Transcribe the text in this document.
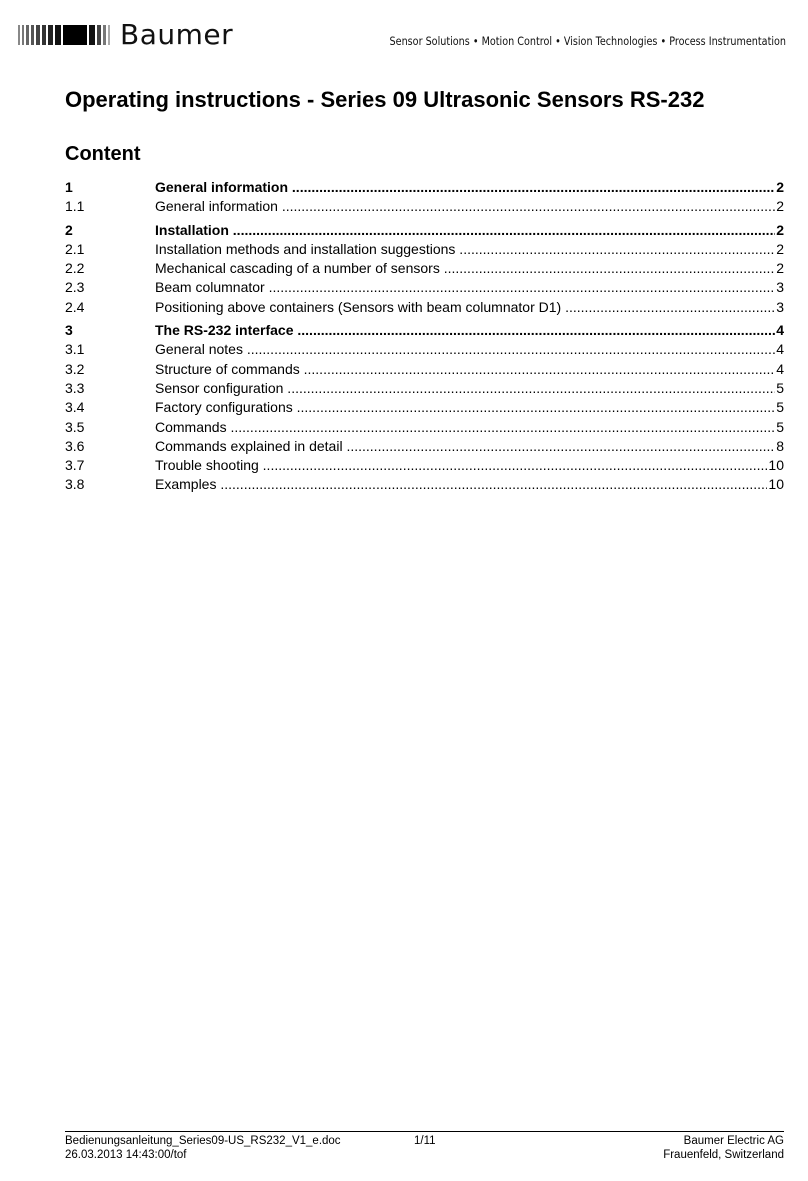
Baumer	Sensor Solutions • Motion Control • Vision Technologies • Process Instrumentation
Operating instructions - Series 09 Ultrasonic Sensors RS-232
Content
1	General information .....	2
1.1	General information .....	2
2	Installation .....	2
2.1	Installation methods and installation suggestions .....	2
2.2	Mechanical cascading of a number of sensors .....	2
2.3	Beam columnator .....	3
2.4	Positioning above containers (Sensors with beam columnator D1) .....	3
3	The RS-232 interface .....	4
3.1	General notes .....	4
3.2	Structure of commands .....	4
3.3	Sensor configuration .....	5
3.4	Factory configurations .....	5
3.5	Commands .....	5
3.6	Commands explained in detail .....	8
3.7	Trouble shooting .....	10
3.8	Examples .....	10
Bedienungsanleitung_Series09-US_RS232_V1_e.doc
26.03.2013 14:43:00/tof
1/11	Baumer Electric AG
Frauenfeld, Switzerland
